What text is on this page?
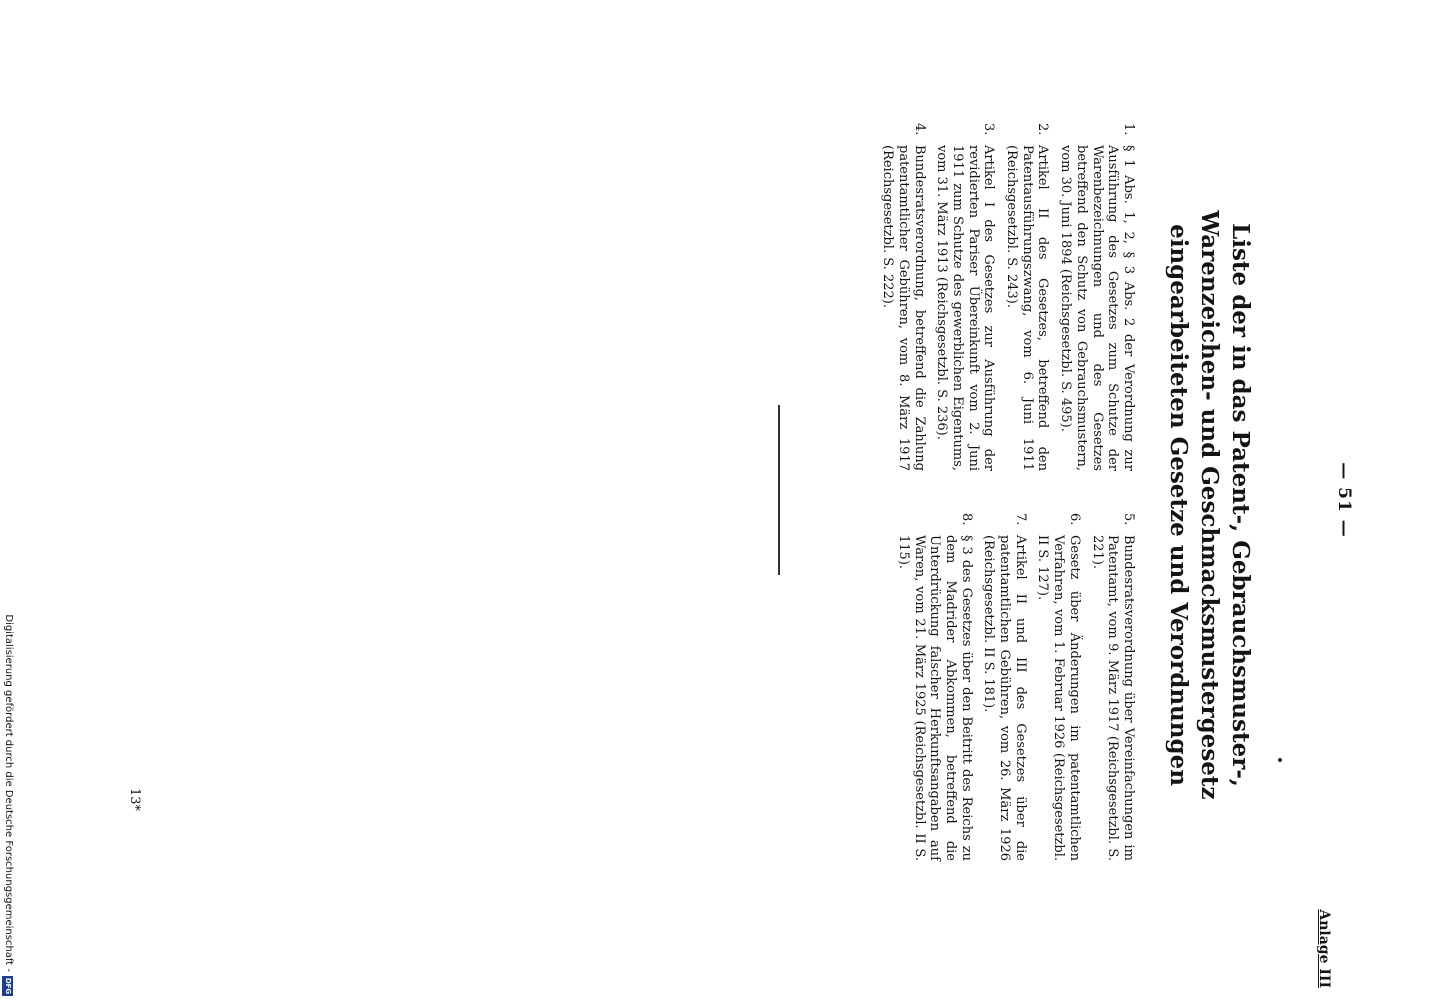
Anlage III
— 51 —
Liste der in das Patent-, Gebrauchsmuster-, Warenzeichen- und Geschmacksmustergesetz eingearbeiteten Gesetze und Verordnungen
1.
§ 1 Abs. 1, 2, § 3 Abs. 2 der Verordnung zur Ausführung des Gesetzes zum Schutze der Warenbezeichnungen und des Gesetzes betreffend den Schutz von Gebrauchsmustern, vom 30. Juni 1894 (Reichsgesetzbl. S. 495).
2.
Artikel II des Gesetzes, betreffend den Patentausführungszwang, vom 6. Juni 1911 (Reichsgesetzbl. S. 243).
3.
Artikel I des Gesetzes zur Ausführung der revidierten Pariser Übereinkunft vom 2. Juni 1911 zum Schutze des gewerblichen Eigentums, vom 31. März 1913 (Reichsgesetzbl. S. 236).
4.
Bundesratsverordnung, betreffend die Zahlung patentamtlicher Gebühren, vom 8. März 1917 (Reichsgesetzbl. S. 222).
5.
Bundesratsverordnung über Vereinfachungen im Patentamt, vom 9. März 1917 (Reichsgesetzbl. S. 221).
6.
Gesetz über Änderungen im patentamtlichen Verfahren, vom 1. Februar 1926 (Reichsgesetzbl. II S. 127).
7.
Artikel II und III des Gesetzes über die patentamtlichen Gebühren, vom 26. März 1926 (Reichsgesetzbl. II S. 181).
8.
§ 3 des Gesetzes über den Beitritt des Reichs zu dem Madrider Abkommen, betreffend die Unterdrückung falscher Herkunftsangaben auf Waren, vom 21. März 1925 (Reichsgesetzbl. II S. 115).
13*
Digitalisierung gefördert durch die Deutsche Forschungsgemeinschaft -
DFG
